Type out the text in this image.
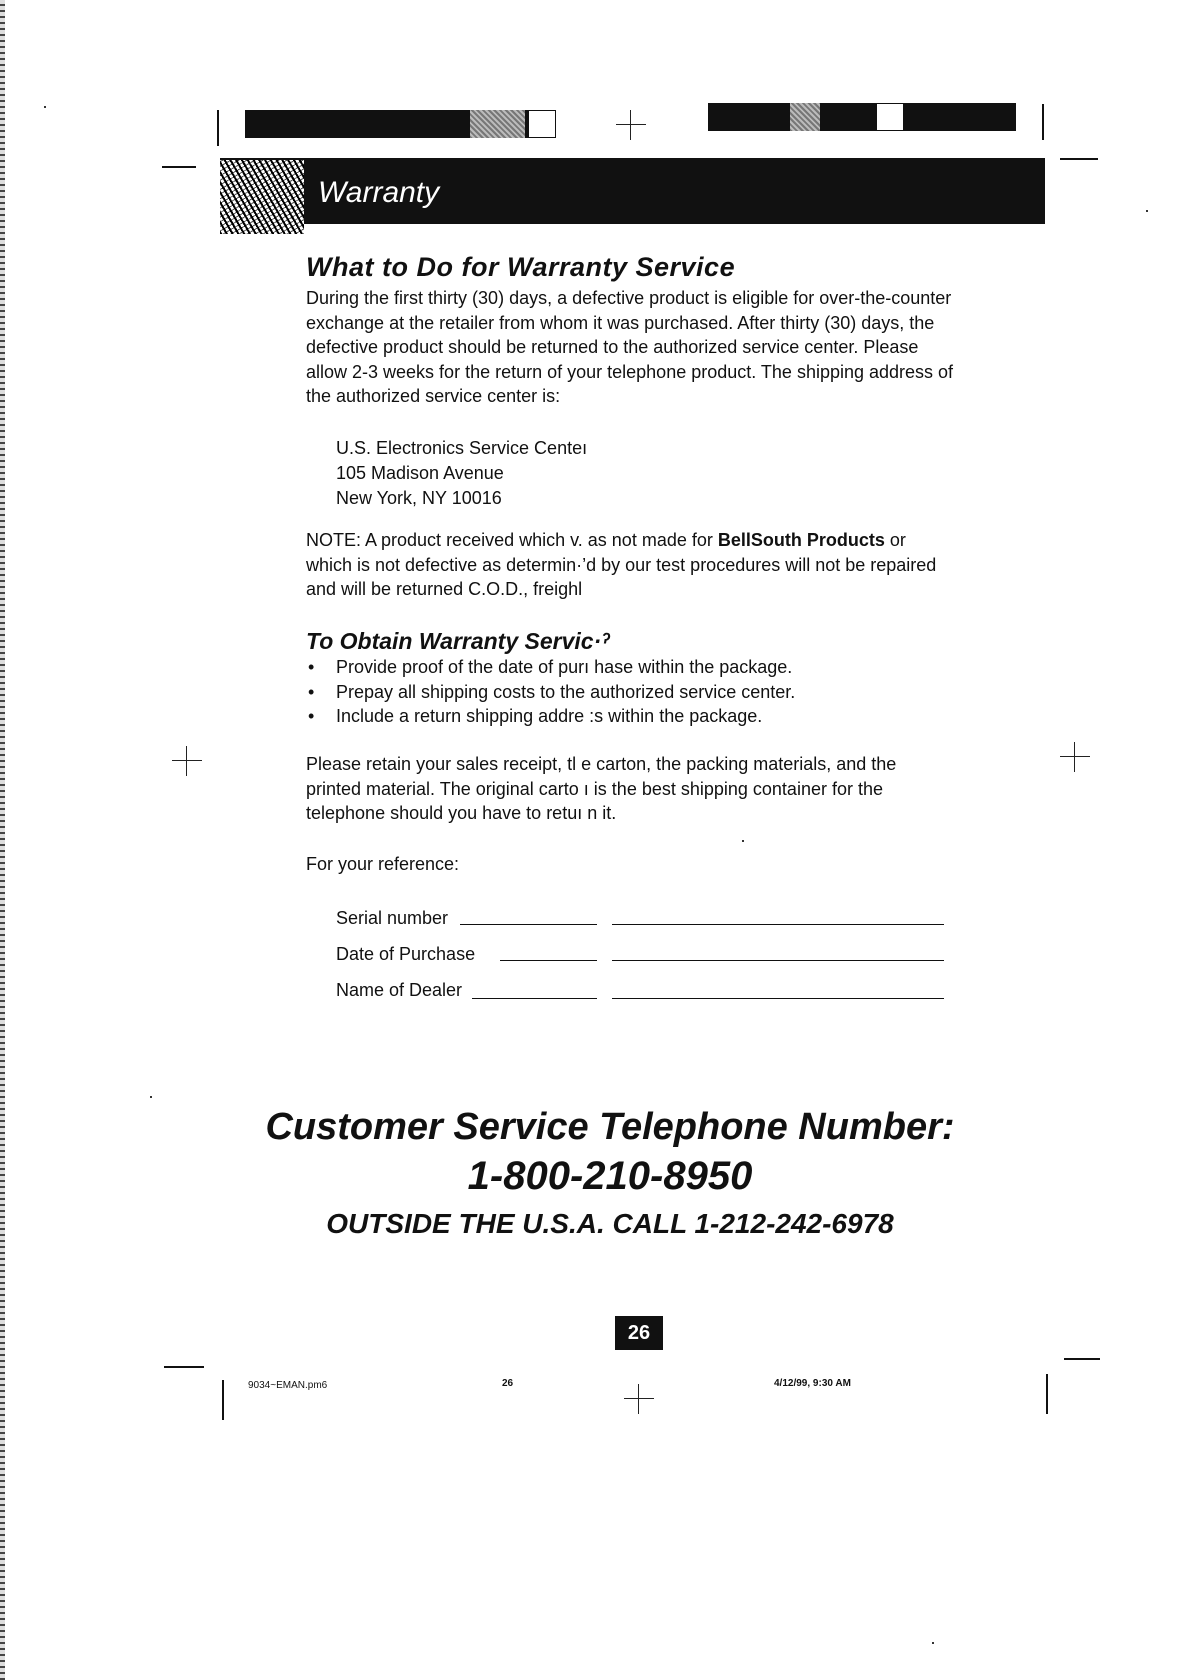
Warranty
What to Do for Warranty Service
During the first thirty (30) days, a defective product is eligible for over-the-counter
exchange at the retailer from whom it was purchased. After thirty (30) days, the
defective product should be returned to the authorized service center. Please
allow 2-3 weeks for the return of your telephone product. The shipping address of
the authorized service center is:
U.S. Electronics Service Centeı
105 Madison Avenue
New York, NY 10016
NOTE: A product received which v. as not made for BellSouth Products or
which is not defective as determin·’d by our test procedures will not be repaired
and will be returned C.O.D., freighl
To Obtain Warranty Servic·ˀ
• Provide proof of the date of purı hase within the package.
• Prepay all shipping costs to thе authorized service center.
• Include a return shipping addre :s within the package.
Please retain your sales receipt, tl e carton, the packing materials, and the
printed material. The original carto ı is the best shipping container for the
telephone should you have to retuı n it.
For your reference:
Serial number
Date of Purchase
Name of Dealer
Customer Service Telephone Number:
1-800-210-8950
OUTSIDE THE U.S.A. CALL 1-212-242-6978
26
9034~EMAN.pm6	26	4/12/99, 9:30 AM
